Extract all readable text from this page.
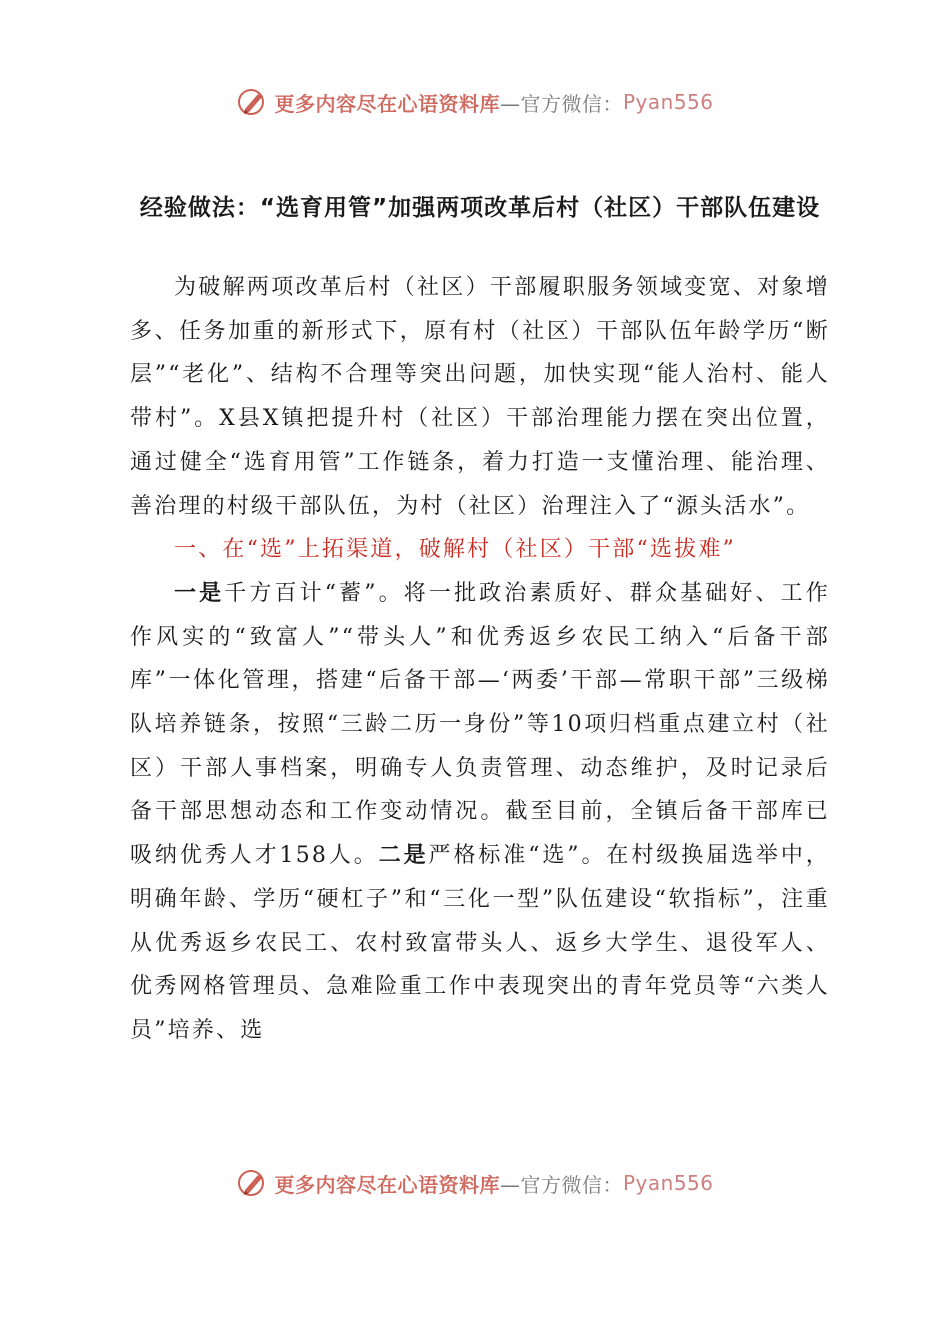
更多内容尽在心语资料库 —官方微信： Pyan556
经验做法：“选育用管”加强两项改革后村（社区）干部队伍建设

为破解两项改革后村（社区）干部履职服务领域变宽、对象增多、任务加重的新形式下，原有村（社区）干部队伍年龄学历“断层”“老化”、结构不合理等突出问题，加快实现“能人治村、能人带村”。X县X镇把提升村（社区）干部治理能力摆在突出位置，通过健全“选育用管”工作链条，着力打造一支懂治理、能治理、善治理的村级干部队伍，为村（社区）治理注入了“源头活水”。

一、在“选”上拓渠道，破解村（社区）干部“选拔难”

一是千方百计“蓄”。将一批政治素质好、群众基础好、工作作风实的“致富人”“带头人”和优秀返乡农民工纳入“后备干部库”一体化管理，搭建“后备干部—‘两委’干部—常职干部”三级梯队培养链条，按照“三龄二历一身份”等10项归档重点建立村（社区）干部人事档案，明确专人负责管理、动态维护，及时记录后备干部思想动态和工作变动情况。截至目前，全镇后备干部库已吸纳优秀人才158人。二是严格标准“选”。在村级换届选举中，明确年龄、学历“硬杠子”和“三化一型”队伍建设“软指标”，注重从优秀返乡农民工、农村致富带头人、返乡大学生、退役军人、优秀网格管理员、急难险重工作中表现突出的青年党员等“六类人员”培养、选

更多内容尽在心语资料库 —官方微信： Pyan556
